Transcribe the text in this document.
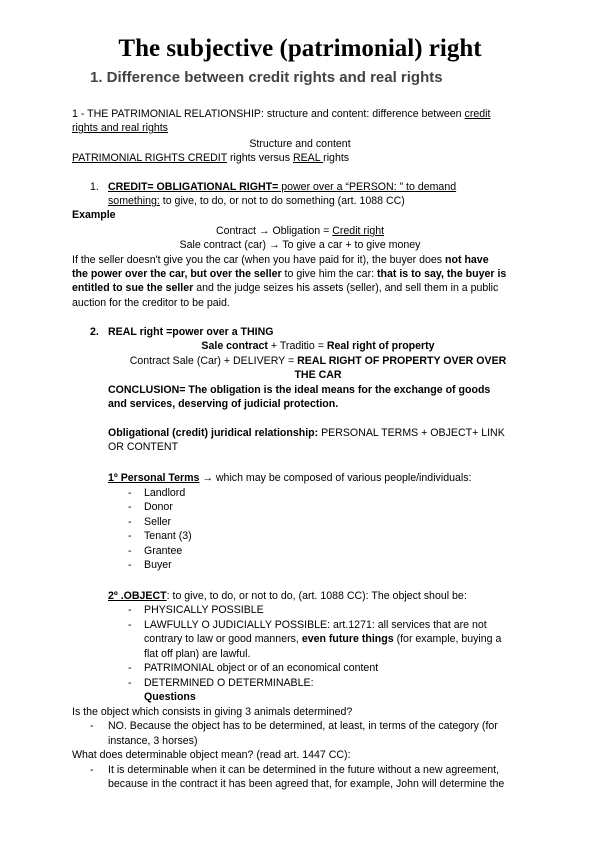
The subjective (patrimonial) right
1. Difference between credit rights and real rights
1 - THE PATRIMONIAL RELATIONSHIP: structure and content: difference between credit
rights and real rights
Structure and content
PATRIMONIAL RIGHTS CREDIT rights versus REAL rights
1. CREDIT= OBLIGATIONAL RIGHT= power over a “PERSON: ” to demand
something: to give, to do, or not to do something (art. 1088 CC)
Example
Contract → Obligation = Credit right
Sale contract (car) → To give a car + to give money
If the seller doesn't give you the car (when you have paid for it), the buyer does not have
the power over the car, but over the seller to give him the car: that is to say, the buyer is
entitled to sue the seller and the judge seizes his assets (seller), and sell them in a public
auction for the creditor to be paid.
2. REAL right =power over a THING
Sale contract + Traditio = Real right of property
Contract Sale (Car) + DELIVERY = REAL RIGHT OF PROPERTY OVER OVER
THE CAR
CONCLUSION= The obligation is the ideal means for the exchange of goods
and services, deserving of judicial protection.
Obligational (credit) juridical relationship: PERSONAL TERMS + OBJECT+ LINK
OR CONTENT
1º Personal Terms → which may be composed of various people/individuals:
- Landlord
- Donor
- Seller
- Tenant (3)
- Grantee
- Buyer
2º .OBJECT: to give, to do, or not to do, (art. 1088 CC): The object shoul be:
- PHYSICALLY POSSIBLE
- LAWFULLY O JUDICIALLY POSSIBLE: art.1271: all services that are not
contrary to law or good manners, even future things (for example, buying a
flat off plan) are lawful.
- PATRIMONIAL object or of an economical content
- DETERMINED O DETERMINABLE:
Questions
Is the object which consists in giving 3 animals determined?
- NO. Because the object has to be determined, at least, in terms of the category (for
instance, 3 horses)
What does determinable object mean? (read art. 1447 CC):
- It is determinable when it can be determined in the future without a new agreement,
because in the contract it has been agreed that, for example, John will determine the
